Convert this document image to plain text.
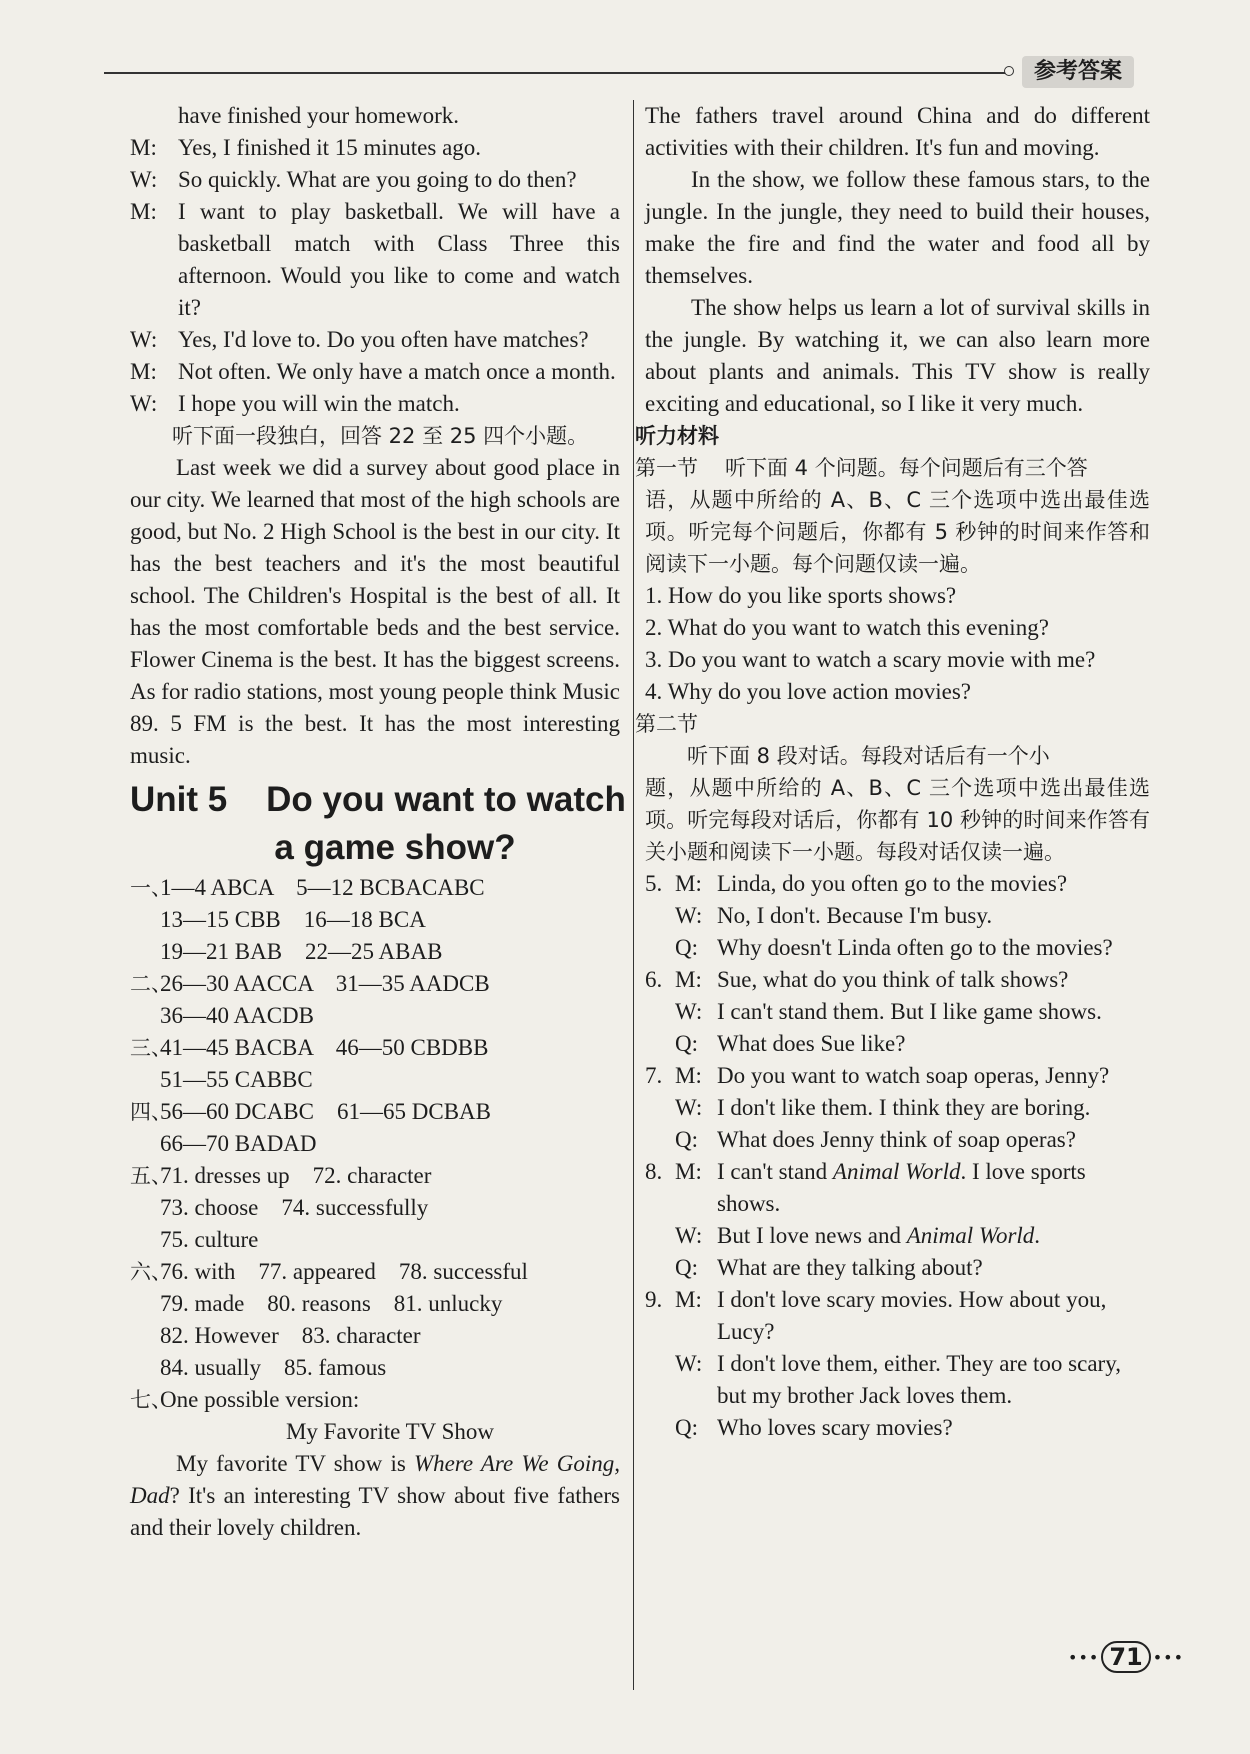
参考答案
have finished your homework.
M: Yes, I finished it 15 minutes ago.
W: So quickly. What are you going to do then?
M: I want to play basketball. We will have a basketball match with Class Three this afternoon. Would you like to come and watch it?
W: Yes, I'd love to. Do you often have matches?
M: Not often. We only have a match once a month.
W: I hope you will win the match.

听下面一段独白，回答 22 至 25 四个小题。

Last week we did a survey about good place in our city. We learned that most of the high schools are good, but No. 2 High School is the best in our city. It has the best teachers and it's the most beautiful school. The Children's Hospital is the best of all. It has the most comfortable beds and the best service. Flower Cinema is the best. It has the biggest screens. As for radio stations, most young people think Music 89. 5 FM is the best. It has the most interesting music.

Unit 5    Do you want to watch
a game show?
一、
1—4 ABCA    5—12 BCBACABC
13—15 CBB    16—18 BCA
19—21 BAB    22—25 ABAB
二、
26—30 AACCA    31—35 AADCB
36—40 AACDB
三、
41—45 BACBA    46—50 CBDBB
51—55 CABBC
四、
56—60 DCABC    61—65 DCBAB
66—70 BADAD
五、
71. dresses up    72. character
73. choose    74. successfully
75. culture
六、
76. with    77. appeared    78. successful
79. made    80. reasons    81. unlucky
82. However    83. character
84. usually    85. famous
七、
One possible version:

My Favorite TV Show

My favorite TV show is Where Are We Going, Dad? It's an interesting TV show about five fathers and their lovely children.

The fathers travel around China and do different activities with their children. It's fun and moving.

In the show, we follow these famous stars, to the jungle. In the jungle, they need to build their houses, make the fire and find the water and food all by themselves.

The show helps us learn a lot of survival skills in the jungle. By watching it, we can also learn more about plants and animals. This TV show is really exciting and educational, so I like it very much.

听力材料
第一节	听下面 4 个问题。每个问题后有三个答

语，从题中所给的 A、B、C 三个选项中选出最佳选项。听完每个问题后，你都有 5 秒钟的时间来作答和阅读下一小题。每个问题仅读一遍。

1. How do you like sports shows?
2. What do you want to watch this evening?
3. Do you want to watch a scary movie with me?
4. Why do you love action movies?
第二节

听下面 8 段对话。每段对话后有一个小

题，从题中所给的 A、B、C 三个选项中选出最佳选项。听完每段对话后，你都有 10 秒钟的时间来作答有关小题和阅读下一小题。每段对话仅读一遍。

5. M: Linda, do you often go to the movies?
W: No, I don't. Because I'm busy.
Q: Why doesn't Linda often go to the movies?
6. M: Sue, what do you think of talk shows?
W: I can't stand them. But I like game shows.
Q: What does Sue like?
7. M: Do you want to watch soap operas, Jenny?
W: I don't like them. I think they are boring.
Q: What does Jenny think of soap operas?
8. M: I can't stand Animal World. I love sports shows.
W: But I love news and Animal World.
Q: What are they talking about?
9. M: I don't love scary movies. How about you, Lucy?
W: I don't love them, either. They are too scary, but my brother Jack loves them.
Q: Who loves scary movies?
••• 71 •••
